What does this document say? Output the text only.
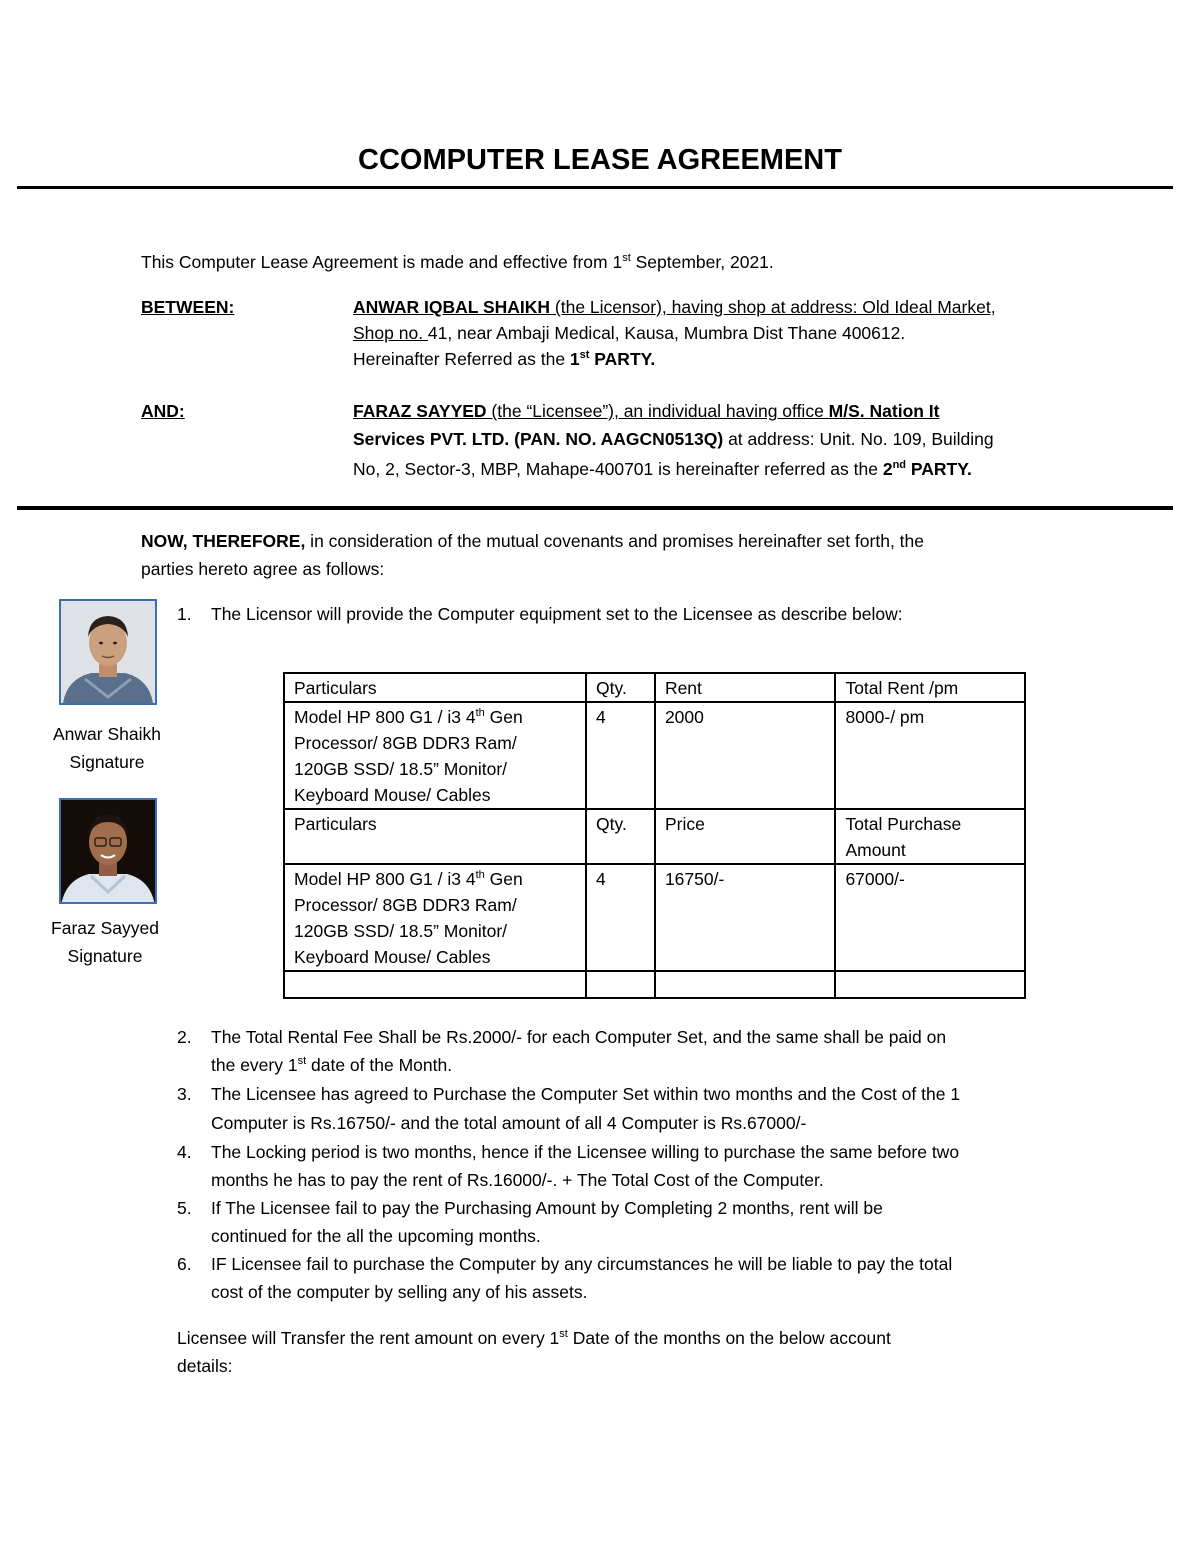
CCOMPUTER LEASE AGREEMENT
This Computer Lease Agreement is made and effective from 1st September, 2021.
BETWEEN:	ANWAR IQBAL SHAIKH (the Licensor), having shop at address: Old Ideal Market,
Shop no. 41, near Ambaji Medical, Kausa, Mumbra Dist Thane 400612.
Hereinafter Referred as the 1st PARTY.
AND:	FARAZ SAYYED (the “Licensee”), an individual having office M/S. Nation It
Services PVT. LTD. (PAN. NO. AAGCN0513Q) at address: Unit. No. 109, Building
No, 2, Sector-3, MBP, Mahape-400701 is hereinafter referred as the 2nd PARTY.
NOW, THEREFORE, in consideration of the mutual covenants and promises hereinafter set forth, the
parties hereto agree as follows:
Anwar Shaikh
Signature
Faraz Sayyed
Signature
1. The Licensor will provide the Computer equipment set to the Licensee as describe below:
Particulars	Qty.	Rent	Total Rent /pm

Model HP 800 G1 / i3 4th Gen
Processor/ 8GB DDR3 Ram/
120GB SSD/ 18.5” Monitor/
Keyboard Mouse/ Cables	4	2000	8000-/ pm
Particulars	Qty.	Price	Total Purchase
Amount

Model HP 800 G1 / i3 4th Gen
Processor/ 8GB DDR3 Ram/
120GB SSD/ 18.5” Monitor/
Keyboard Mouse/ Cables	4	16750/-	67000/-

2. The Total Rental Fee Shall be Rs.2000/- for each Computer Set, and the same shall be paid on
the every 1st date of the Month.
3. The Licensee has agreed to Purchase the Computer Set within two months and the Cost of the 1
Computer is Rs.16750/- and the total amount of all 4 Computer is Rs.67000/-
4. The Locking period is two months, hence if the Licensee willing to purchase the same before two
months he has to pay the rent of Rs.16000/-. + The Total Cost of the Computer.
5. If The Licensee fail to pay the Purchasing Amount by Completing 2 months, rent will be
continued for the all the upcoming months.
6. IF Licensee fail to purchase the Computer by any circumstances he will be liable to pay the total
cost of the computer by selling any of his assets.
Licensee will Transfer the rent amount on every 1st Date of the months on the below account
details:
